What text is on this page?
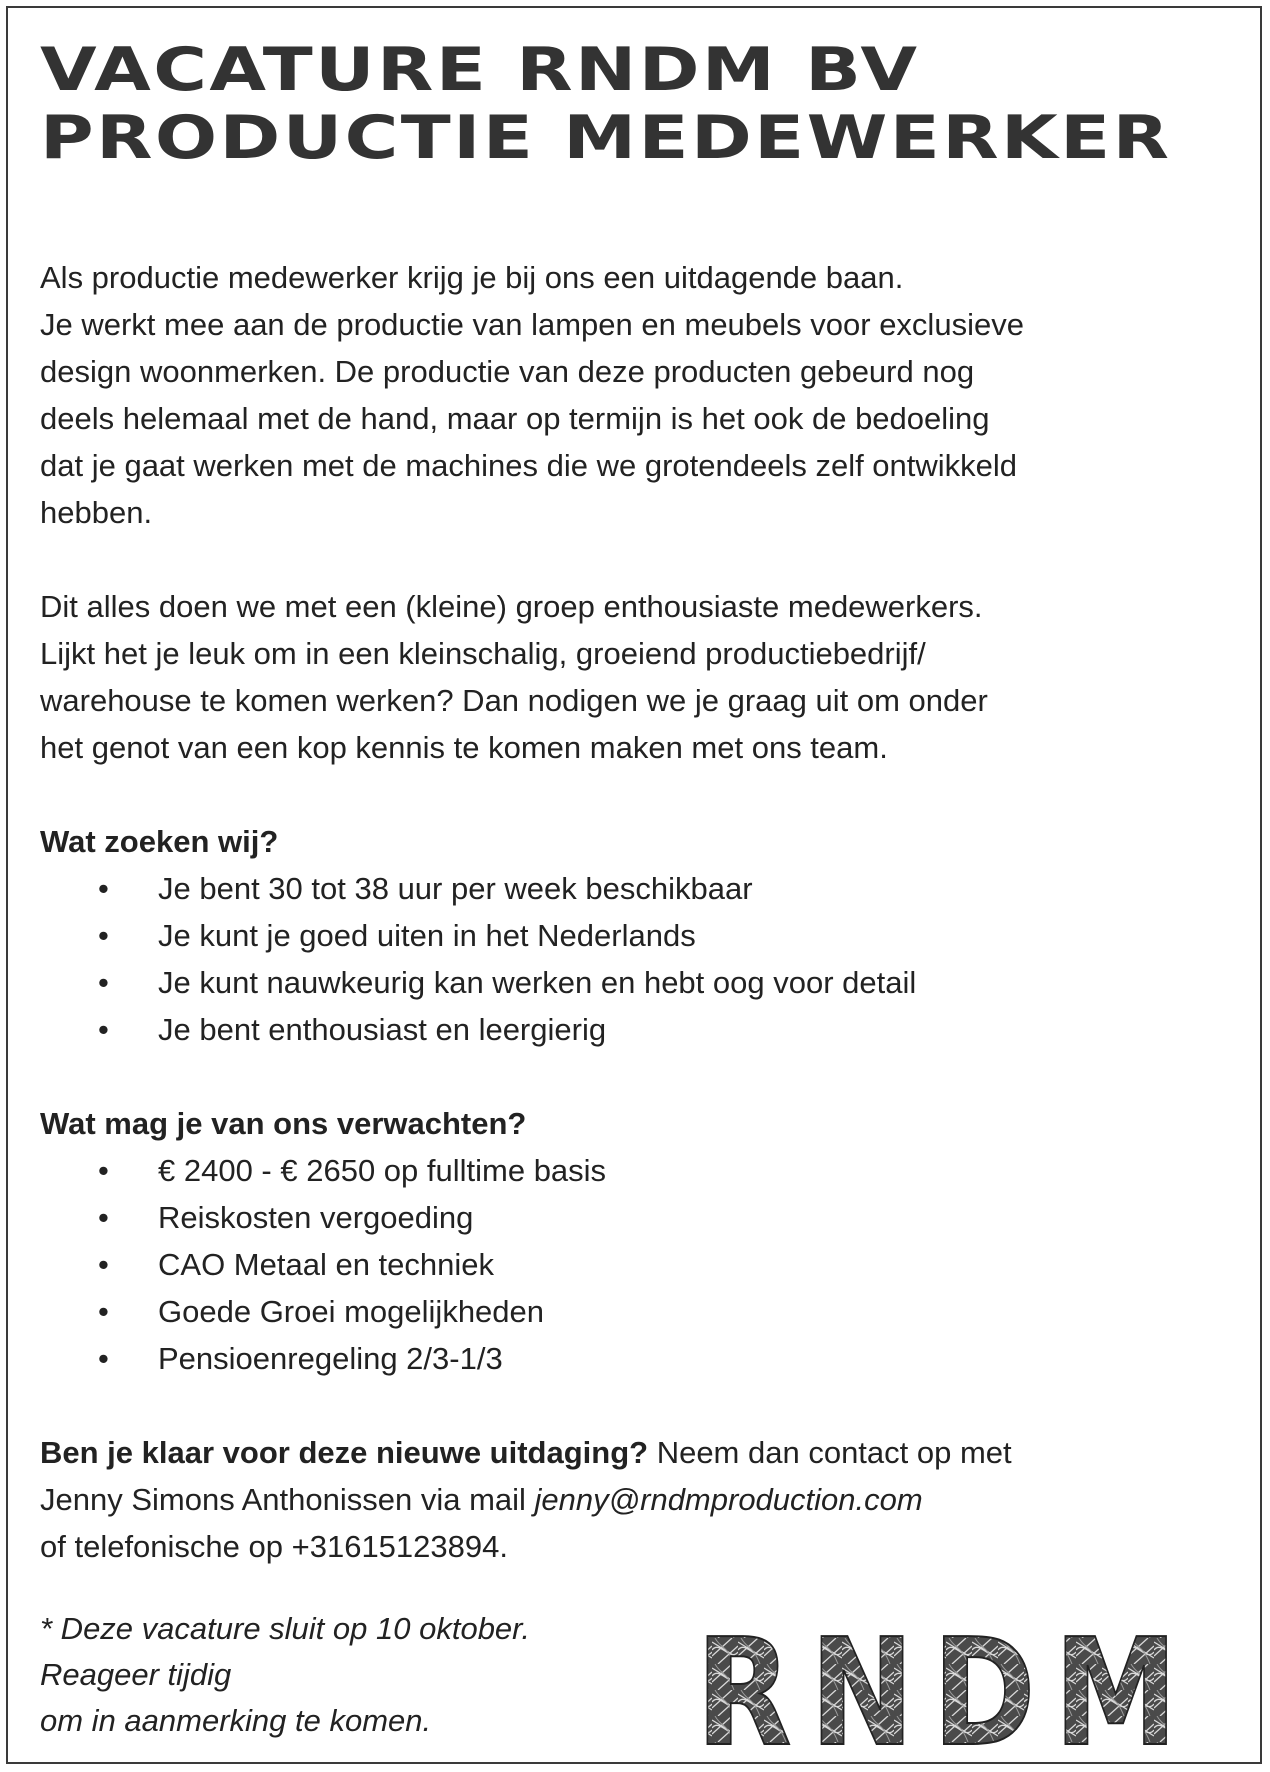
VACATURE RNDM BV
PRODUCTIE MEDEWERKER

Als productie medewerker krijg je bij ons een uitdagende baan.
Je werkt mee aan de productie van lampen en meubels voor exclusieve
design woonmerken. De productie van deze producten gebeurd nog
deels helemaal met de hand, maar op termijn is het ook de bedoeling
dat je gaat werken met de machines die we grotendeels zelf ontwikkeld
hebben.

Dit alles doen we met een (kleine) groep enthousiaste medewerkers.
Lijkt het je leuk om in een kleinschalig, groeiend productiebedrijf/
warehouse te komen werken? Dan nodigen we je graag uit om onder
het genot van een kop kennis te komen maken met ons team.

Wat zoeken wij?

• Je bent 30 tot 38 uur per week beschikbaar
• Je kunt je goed uiten in het Nederlands
• Je kunt nauwkeurig kan werken en hebt oog voor detail
• Je bent enthousiast en leergierig

Wat mag je van ons verwachten?

• € 2400 - € 2650 op fulltime basis
• Reiskosten vergoeding
• CAO Metaal en techniek
• Goede Groei mogelijkheden
• Pensioenregeling 2/3-1/3

Ben je klaar voor deze nieuwe uitdaging? Neem dan contact op met
Jenny Simons Anthonissen via mail jenny@rndmproduction.com
of telefonische op +31615123894.

* Deze vacature sluit op 10 oktober.
Reageer tijdig
om in aanmerking te komen.	RNDM
